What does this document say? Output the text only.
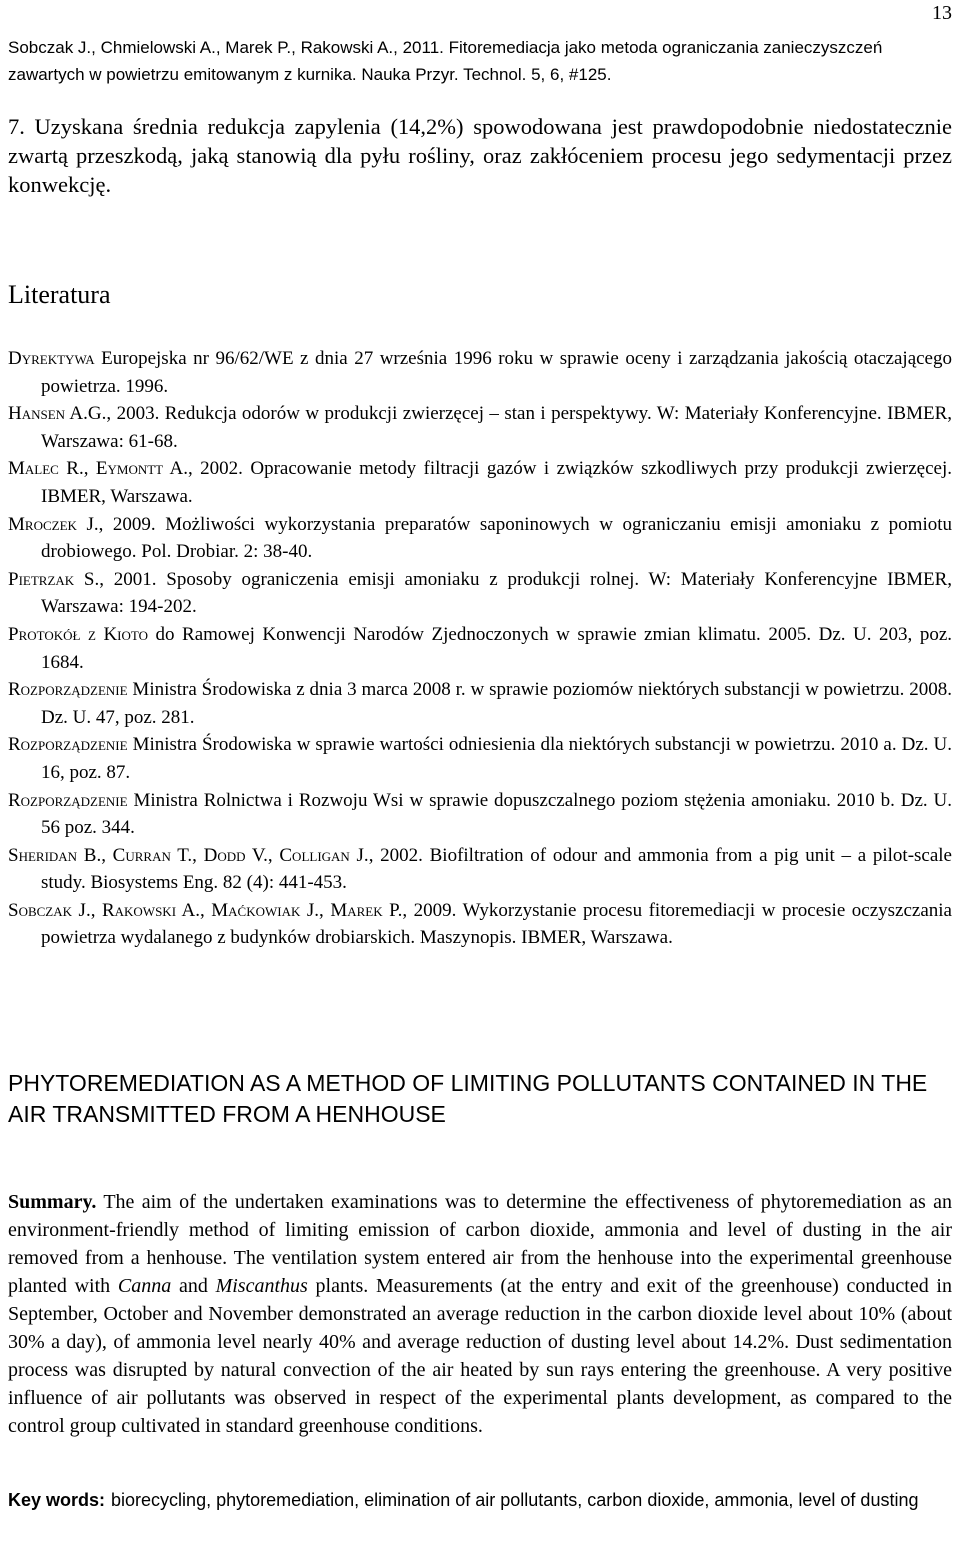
13
Sobczak J., Chmielowski A., Marek P., Rakowski A., 2011. Fitoremediacja jako metoda ograniczania zanieczyszczeń zawartych w powietrzu emitowanym z kurnika. Nauka Przyr. Technol. 5, 6, #125.
7. Uzyskana średnia redukcja zapylenia (14,2%) spowodowana jest prawdopodobnie niedostatecznie zwartą przeszkodą, jaką stanowią dla pyłu rośliny, oraz zakłóceniem procesu jego sedymentacji przez konwekcję.
Literatura
Dyrektywa Europejska nr 96/62/WE z dnia 27 września 1996 roku w sprawie oceny i zarządzania jakością otaczającego powietrza. 1996.
Hansen A.G., 2003. Redukcja odorów w produkcji zwierzęcej – stan i perspektywy. W: Materiały Konferencyjne. IBMER, Warszawa: 61-68.
Malec R., Eymontt A., 2002. Opracowanie metody filtracji gazów i związków szkodliwych przy produkcji zwierzęcej. IBMER, Warszawa.
Mroczek J., 2009. Możliwości wykorzystania preparatów saponinowych w ograniczaniu emisji amoniaku z pomiotu drobiowego. Pol. Drobiar. 2: 38-40.
Pietrzak S., 2001. Sposoby ograniczenia emisji amoniaku z produkcji rolnej. W: Materiały Konferencyjne IBMER, Warszawa: 194-202.
Protokół z Kioto do Ramowej Konwencji Narodów Zjednoczonych w sprawie zmian klimatu. 2005. Dz. U. 203, poz. 1684.
Rozporządzenie Ministra Środowiska z dnia 3 marca 2008 r. w sprawie poziomów niektórych substancji w powietrzu. 2008. Dz. U. 47, poz. 281.
Rozporządzenie Ministra Środowiska w sprawie wartości odniesienia dla niektórych substancji w powietrzu. 2010 a. Dz. U. 16, poz. 87.
Rozporządzenie Ministra Rolnictwa i Rozwoju Wsi w sprawie dopuszczalnego poziom stężenia amoniaku. 2010 b. Dz. U. 56 poz. 344.
Sheridan B., Curran T., Dodd V., Colligan J., 2002. Biofiltration of odour and ammonia from a pig unit – a pilot-scale study. Biosystems Eng. 82 (4): 441-453.
Sobczak J., Rakowski A., Maćkowiak J., Marek P., 2009. Wykorzystanie procesu fitoremediacji w procesie oczyszczania powietrza wydalanego z budynków drobiarskich. Maszynopis. IBMER, Warszawa.
PHYTOREMEDIATION AS A METHOD OF LIMITING POLLUTANTS CONTAINED IN THE AIR TRANSMITTED FROM A HENHOUSE
Summary. The aim of the undertaken examinations was to determine the effectiveness of phytoremediation as an environment-friendly method of limiting emission of carbon dioxide, ammonia and level of dusting in the air removed from a henhouse. The ventilation system entered air from the henhouse into the experimental greenhouse planted with Canna and Miscanthus plants. Measurements (at the entry and exit of the greenhouse) conducted in September, October and November demonstrated an average reduction in the carbon dioxide level about 10% (about 30% a day), of ammonia level nearly 40% and average reduction of dusting level about 14.2%. Dust sedimentation process was disrupted by natural convection of the air heated by sun rays entering the greenhouse. A very positive influence of air pollutants was observed in respect of the experimental plants development, as compared to the control group cultivated in standard greenhouse conditions.
Key words: biorecycling, phytoremediation, elimination of air pollutants, carbon dioxide, ammonia, level of dusting
